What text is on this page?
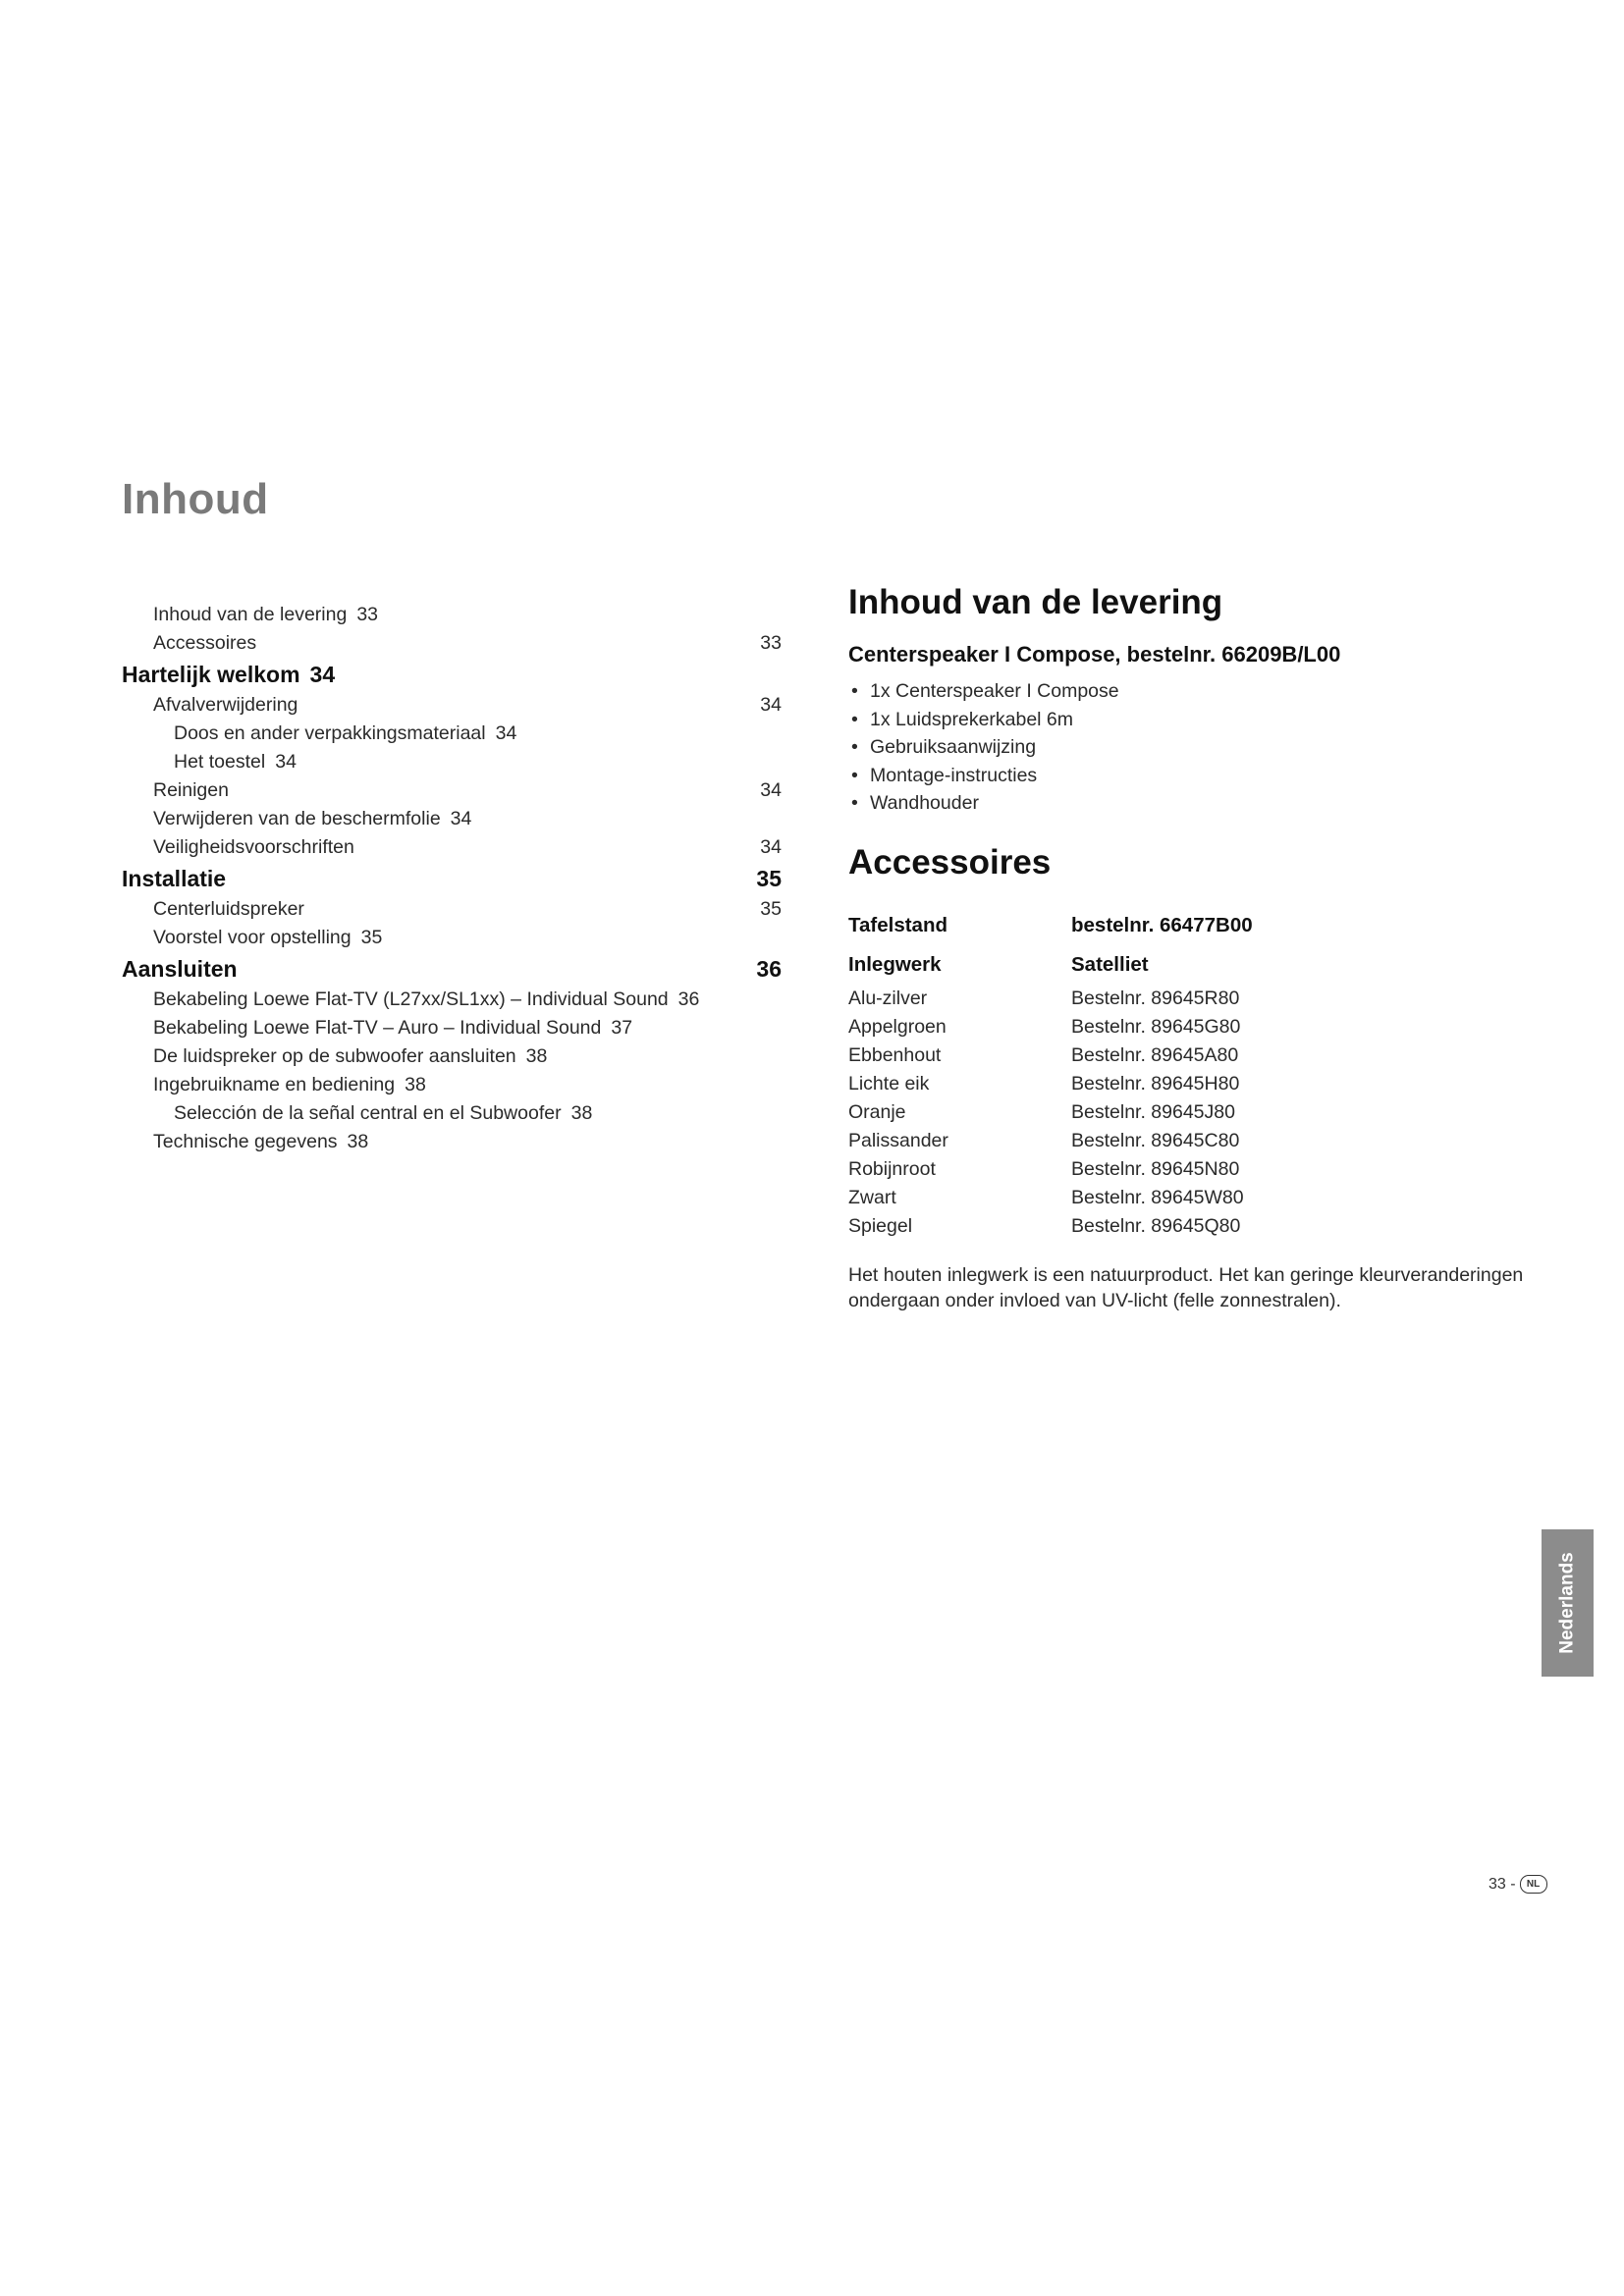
Inhoud
Inhoud van de levering 33
Accessoires	33
Hartelijk welkom 34
Afvalverwijdering	34
Doos en ander verpakkingsmateriaal 34
Het toestel 34
Reinigen	34
Verwijderen van de beschermfolie 34
Veiligheidsvoorschriften	34
Installatie	35
Centerluidspreker	35
Voorstel voor opstelling 35
Aansluiten	36
Bekabeling Loewe Flat-TV (L27xx/SL1xx) – Individual Sound 36
Bekabeling Loewe Flat-TV – Auro – Individual Sound 37
De luidspreker op de subwoofer aansluiten 38
Ingebruikname en bediening 38
Selección de la señal central en el Subwoofer 38
Technische gegevens 38
Inhoud van de levering
Centerspeaker I Compose, bestelnr. 66209B/L00
• 1x Centerspeaker I Compose
• 1x Luidsprekerkabel 6m
• Gebruiksaanwijzing
• Montage-instructies
• Wandhouder
Accessoires
Tafelstand	bestelnr. 66477B00
Inlegwerk	Satelliet
Alu-zilver	Bestelnr. 89645R80
Appelgroen	Bestelnr. 89645G80
Ebbenhout	Bestelnr. 89645A80
Lichte eik	Bestelnr. 89645H80
Oranje	Bestelnr. 89645J80
Palissander	Bestelnr. 89645C80
Robijnroot	Bestelnr. 89645N80
Zwart	Bestelnr. 89645W80
Spiegel	Bestelnr. 89645Q80
Het houten inlegwerk is een natuurproduct. Het kan geringe kleurveranderingen ondergaan onder invloed van UV-licht (felle zonnestralen).
Nederlands
33 -	NL
